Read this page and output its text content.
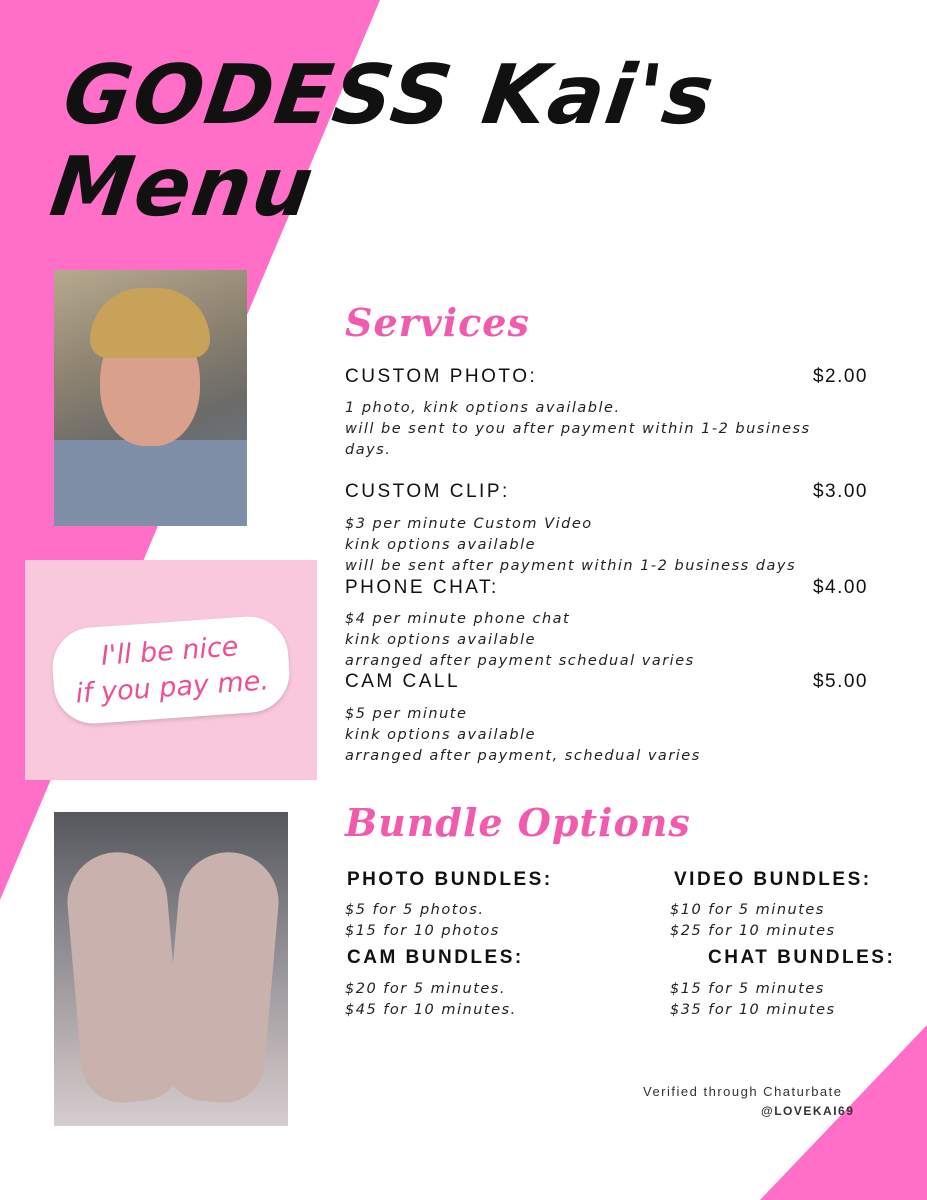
GODESS Kai's
Menu
I'll be nice
if you pay me.
Services
CUSTOM PHOTO:	$2.00
1 photo, kink options available.
will be sent to you after payment within 1-2 business
days.
CUSTOM CLIP:	$3.00
$3 per minute Custom Video
kink options available
will be sent after payment within 1-2 business days
PHONE CHAT:	$4.00
$4 per minute phone chat
kink options available
arranged after payment schedual varies
CAM CALL	$5.00
$5 per minute
kink options available
arranged after payment, schedual varies
Bundle Options
PHOTO BUNDLES:
$5 for 5 photos.
$15 for 10 photos
VIDEO BUNDLES:
$10 for 5 minutes
$25 for 10 minutes
CAM BUNDLES:
$20 for 5 minutes.
$45 for 10 minutes.
CHAT BUNDLES:
$15 for 5 minutes
$35 for 10 minutes
Verified through Chaturbate
@LOVEKAI69
